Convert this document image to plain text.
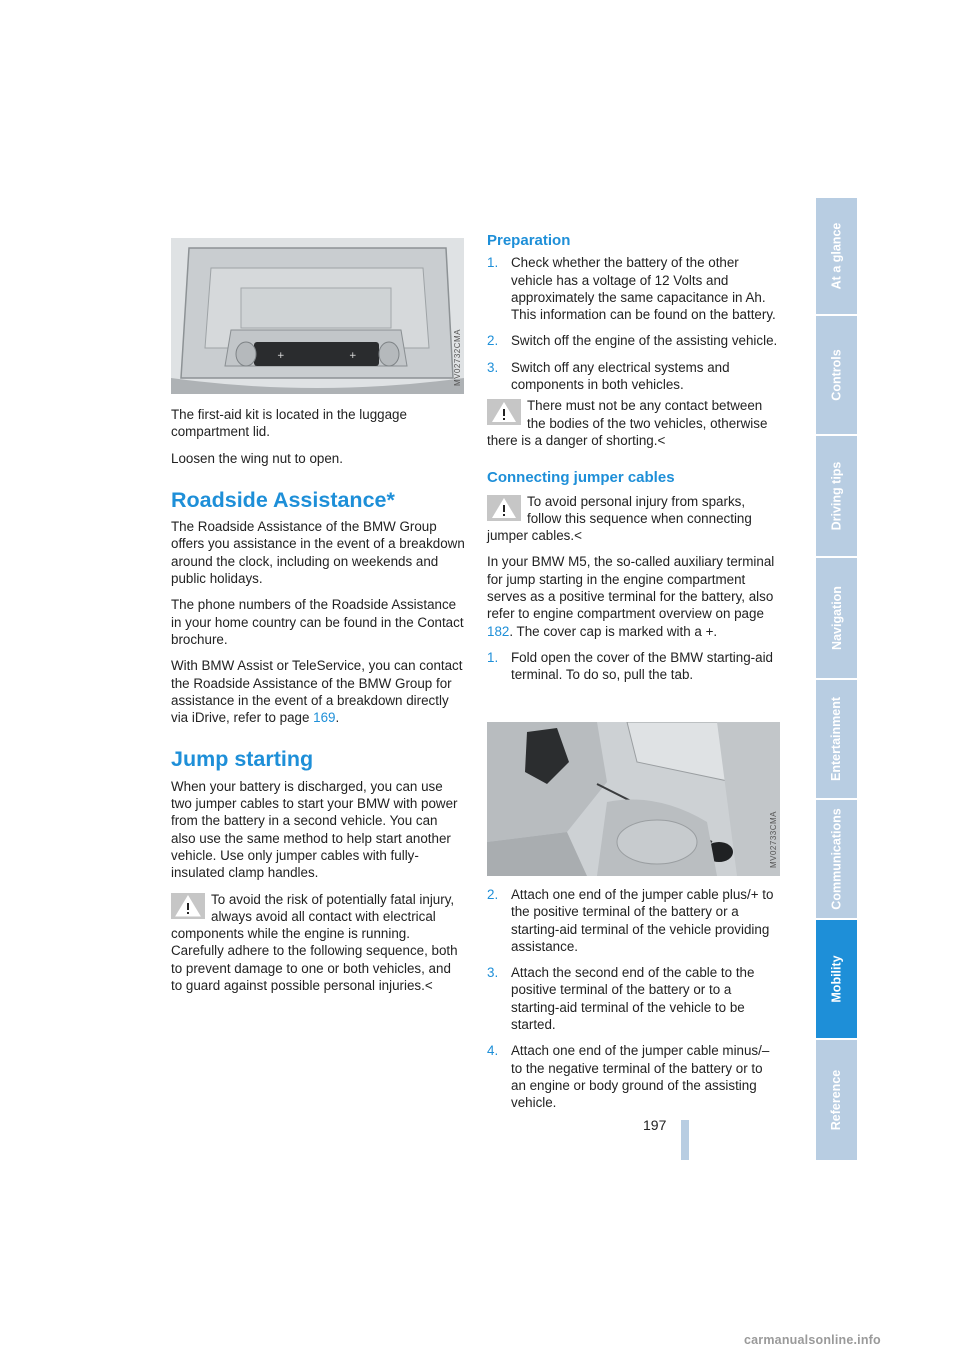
+	+	MV02732CMA

The first-aid kit is located in the luggage compartment lid.

Loosen the wing nut to open.

Roadside Assistance*

The Roadside Assistance of the BMW Group offers you assistance in the event of a breakdown around the clock, including on weekends and public holidays.

The phone numbers of the Roadside Assistance in your home country can be found in the Contact brochure.

With BMW Assist or TeleService, you can contact the Roadside Assistance of the BMW Group for assistance in the event of a breakdown directly via iDrive, refer to page 169.

Jump starting

When your battery is discharged, you can use two jumper cables to start your BMW with power from the battery in a second vehicle. You can also use the same method to help start another vehicle. Use only jumper cables with fully-insulated clamp handles.

To avoid the risk of potentially fatal injury, always avoid all contact with electrical components while the engine is running. Carefully adhere to the following sequence, both to prevent damage to one or both vehicles, and to guard against possible personal injuries.<
Preparation
1. Check whether the battery of the other vehicle has a voltage of 12 Volts and approximately the same capacitance in Ah. This information can be found on the battery.
2. Switch off the engine of the assisting vehicle.
3. Switch off any electrical systems and components in both vehicles.
There must not be any contact between the bodies of the two vehicles, otherwise there is a danger of shorting.<
Connecting jumper cables
To avoid personal injury from sparks, follow this sequence when connecting jumper cables.<

In your BMW M5, the so-called auxiliary terminal for jump starting in the engine compartment serves as a positive terminal for the battery, also refer to engine compartment overview on page 182. The cover cap is marked with a +.

1. Fold open the cover of the BMW starting-aid terminal. To do so, pull the tab.
MV02733CMA
2. Attach one end of the jumper cable plus/+ to the positive terminal of the battery or a starting-aid terminal of the vehicle providing assistance.
3. Attach the second end of the cable to the positive terminal of the battery or to a starting-aid terminal of the vehicle to be started.
4. Attach one end of the jumper cable minus/– to the negative terminal of the battery or to an engine or body ground of the assisting vehicle.
At a glance
Controls
Driving tips
Navigation
Entertainment
Communications
Mobility
Reference
197
carmanualsonline.info
